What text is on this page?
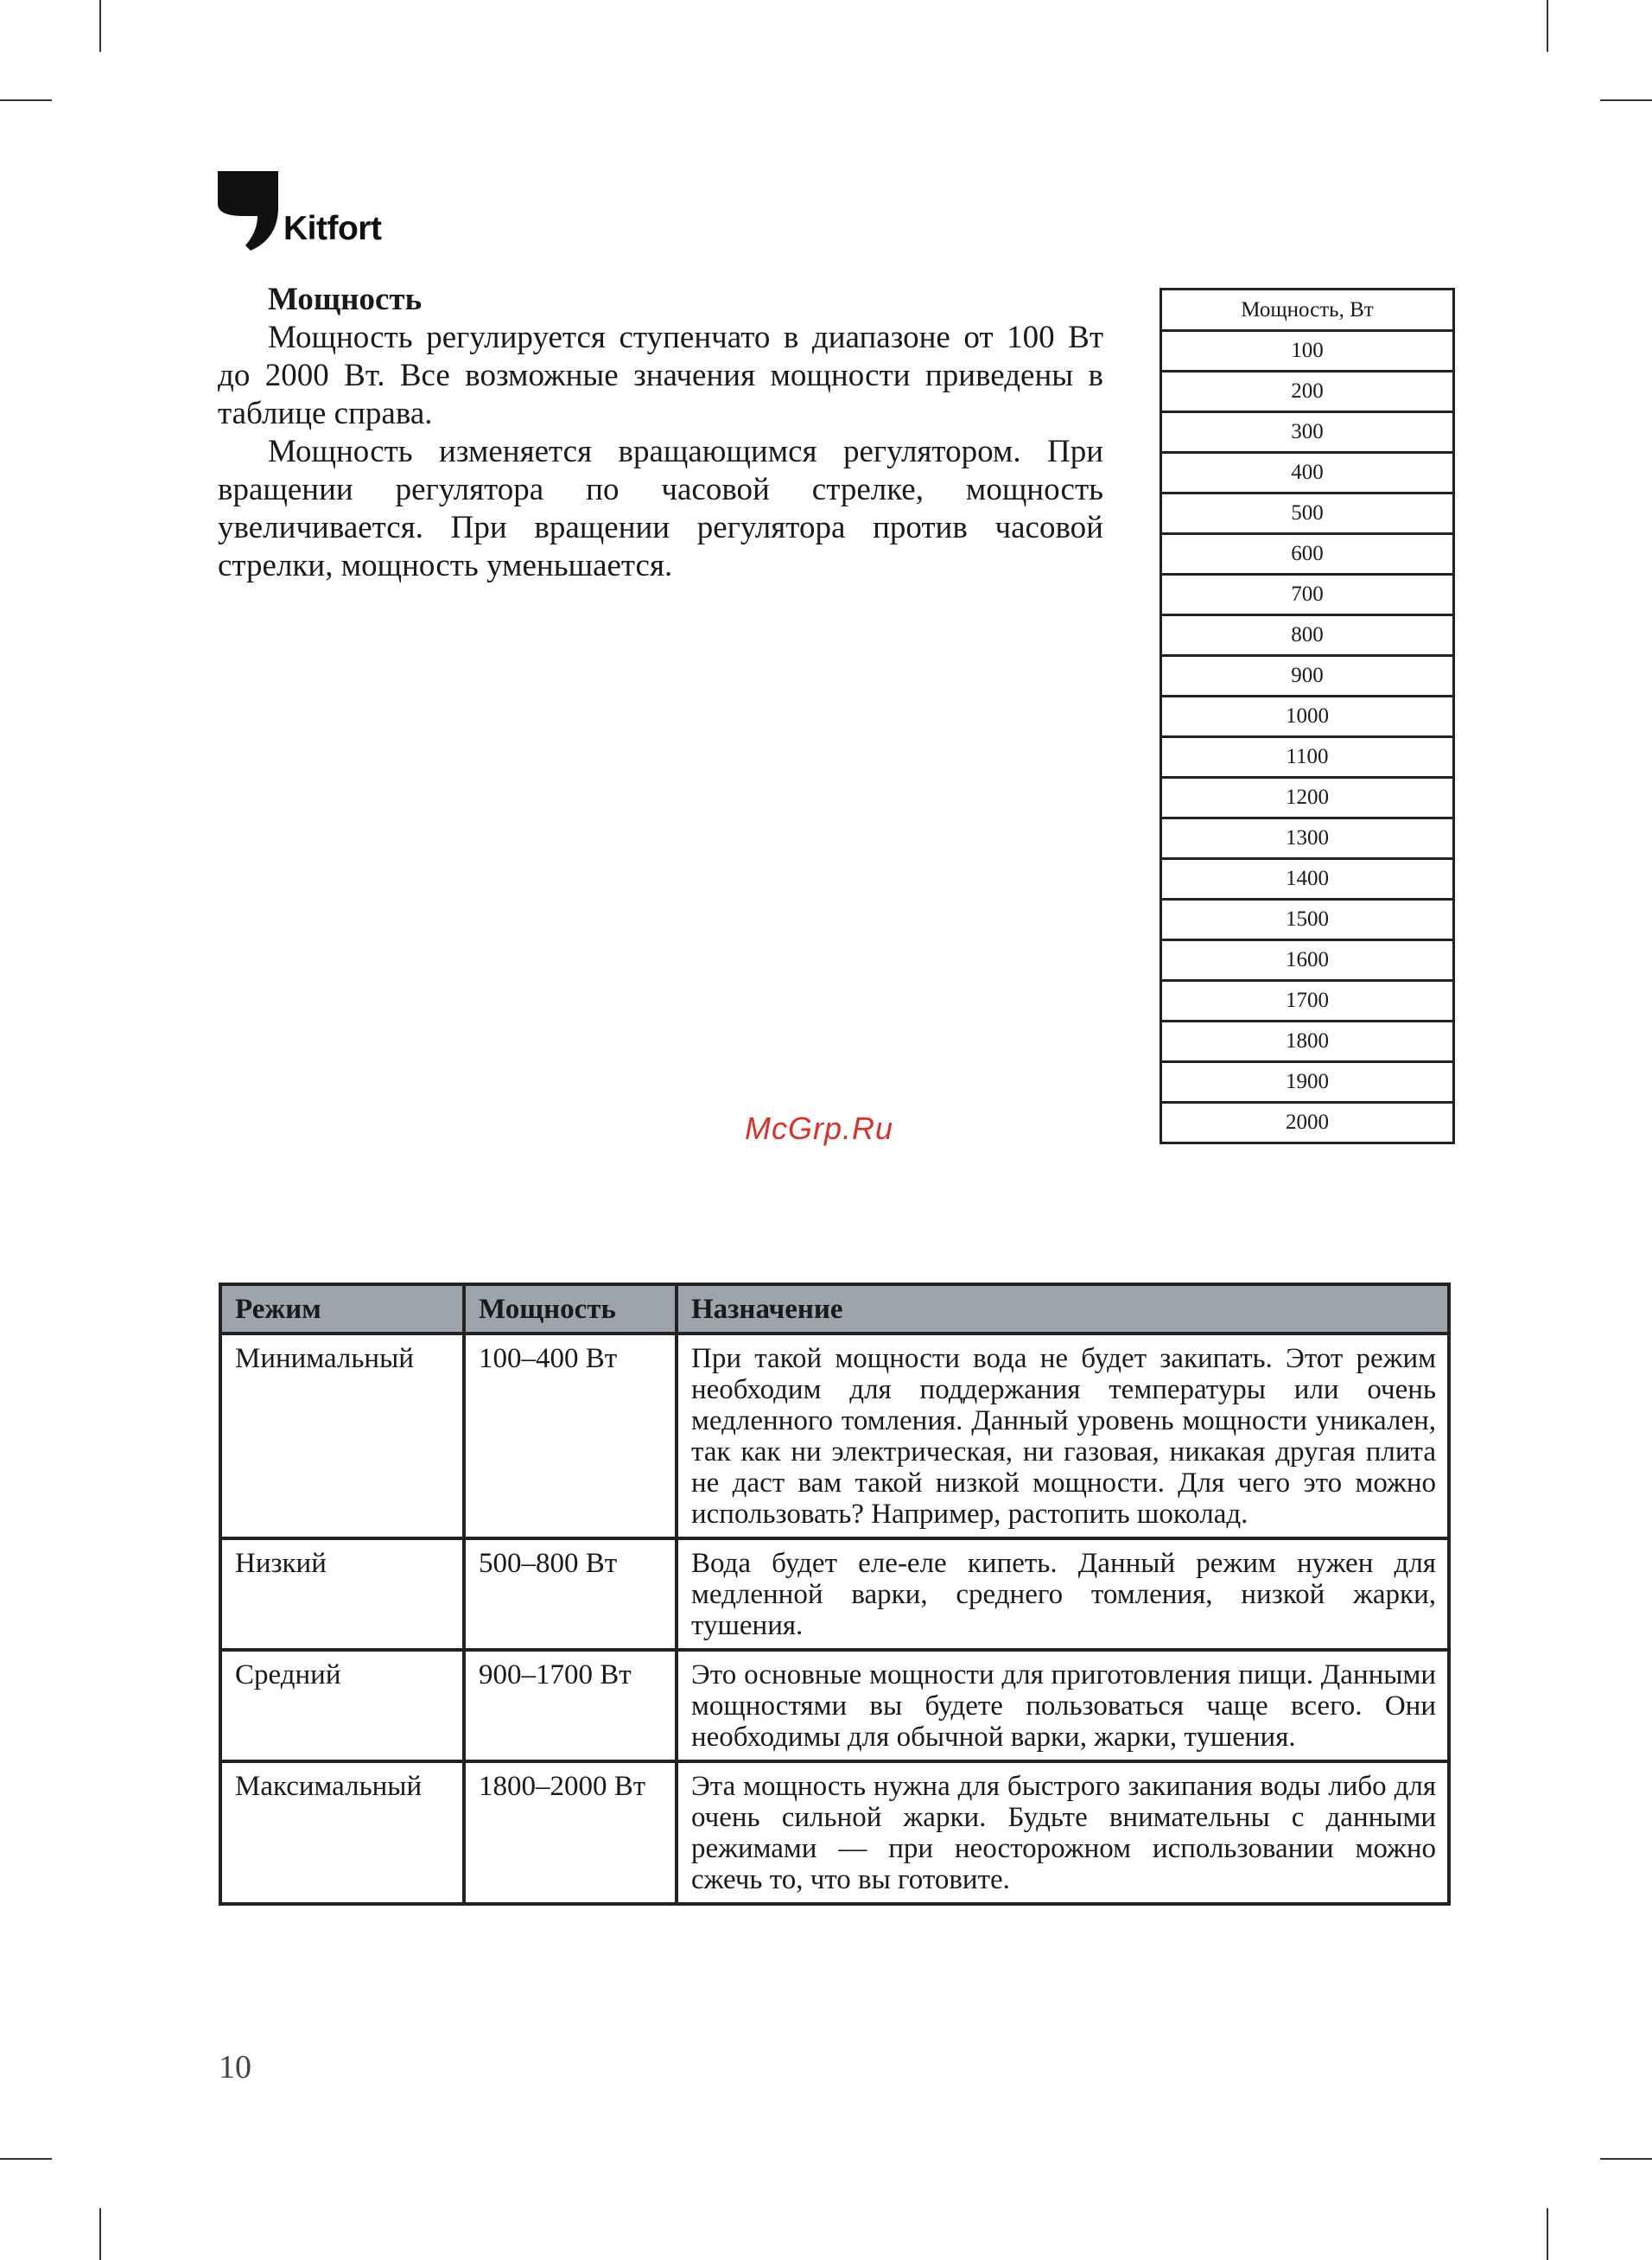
Kitfort
Мощность

Мощность регулируется ступенчато в диапазоне от 100 Вт до 2000 Вт. Все возможные значения мощности приведены в таблице справа.

Мощность изменяется вращающимся регулятором. При вращении регулятора по часовой стрелке, мощность увеличивается. При вращении регулятора против часовой стрелки, мощность уменьшается.

Мощность, Вт
100
200
300
400
500
600
700
800
900
1000
1100
1200
1300
1400
1500
1600
1700
1800
1900
2000
McGrp.Ru
Режим	Мощность	Назначение
Минимальный	100–400 Вт	При такой мощности вода не будет закипать. Этот режим необходим для поддержания температуры или очень медленного томления. Данный уровень мощности уникален, так как ни электрическая, ни газовая, никакая другая плита не даст вам такой низкой мощности. Для чего это можно использовать? Например, растопить шоколад.
Низкий	500–800 Вт	Вода будет еле-еле кипеть. Данный режим нужен для медленной варки, среднего томления, низкой жарки, тушения.
Средний	900–1700 Вт	Это основные мощности для приготовления пищи. Данными мощностями вы будете пользоваться чаще всего. Они необходимы для обычной варки, жарки, тушения.
Максимальный	1800–2000 Вт	Эта мощность нужна для быстрого закипания воды либо для очень сильной жарки. Будьте внимательны с данными режимами — при неосторожном использовании можно сжечь то, что вы готовите.
10
